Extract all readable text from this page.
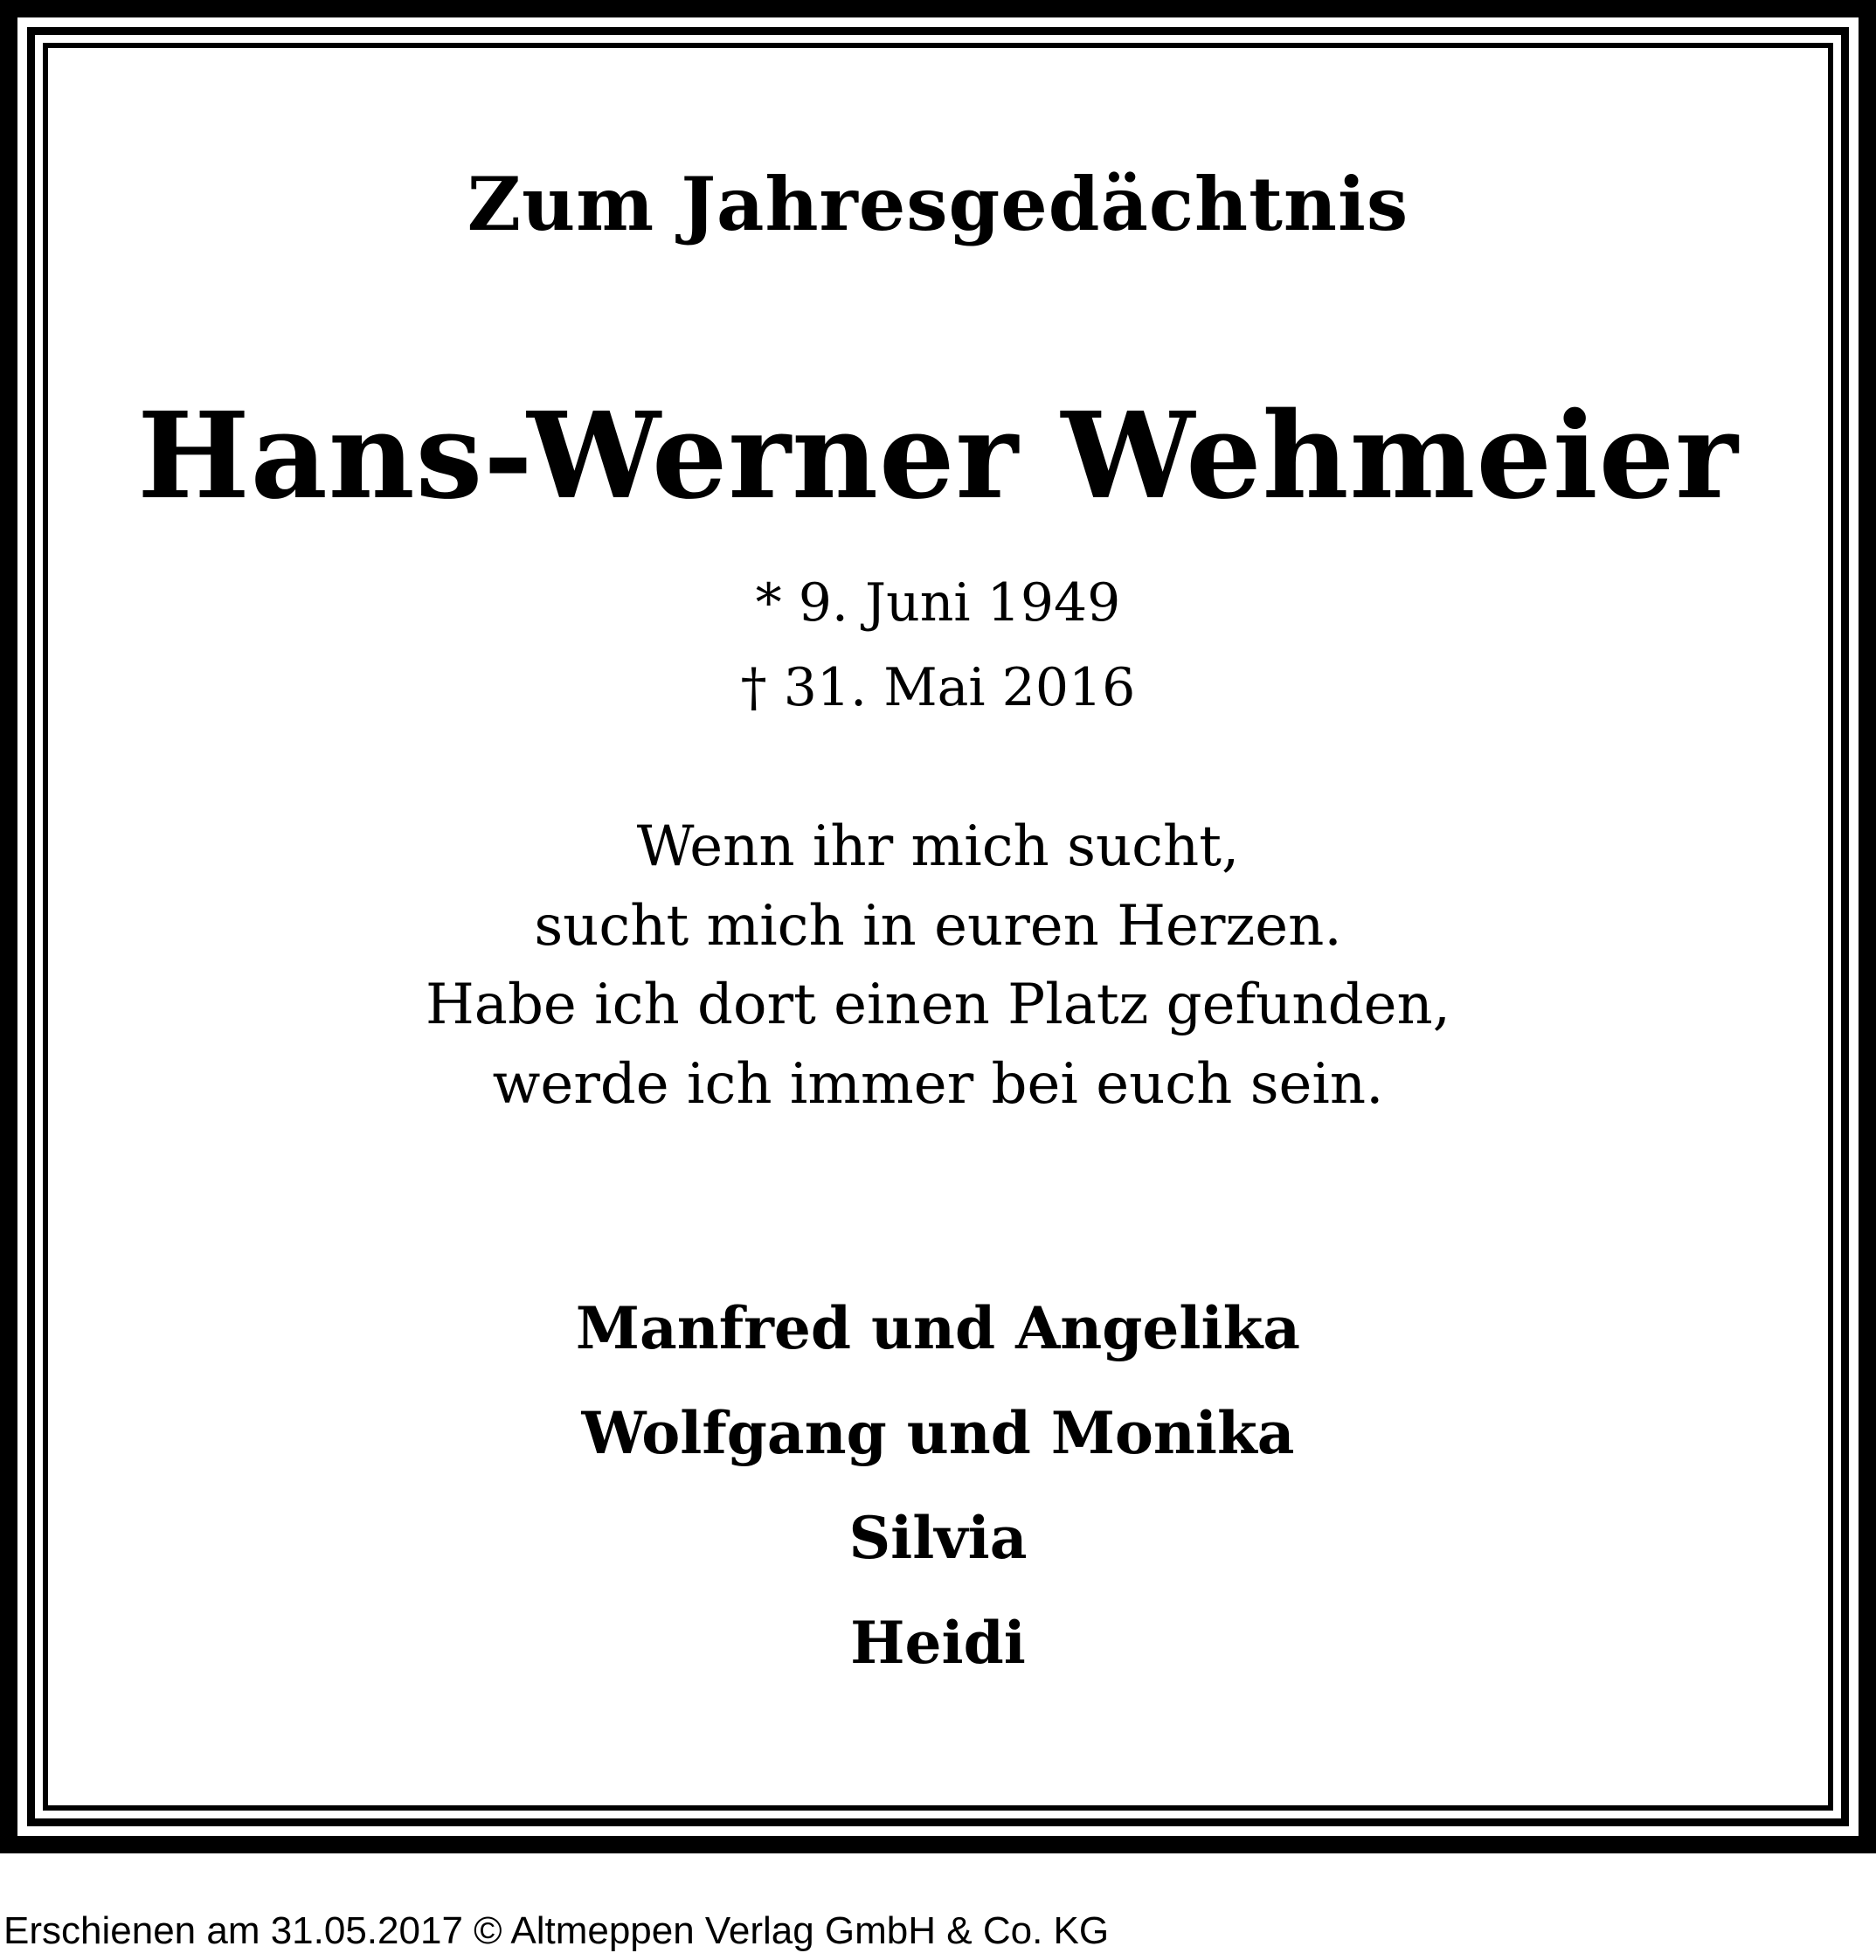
Zum Jahresgedächtnis
Hans-Werner Wehmeier
* 9. Juni 1949
† 31. Mai 2016
Wenn ihr mich sucht,
sucht mich in euren Herzen.
Habe ich dort einen Platz gefunden,
werde ich immer bei euch sein.
Manfred und Angelika
Wolfgang und Monika
Silvia
Heidi
Erschienen am 31.05.2017 © Altmeppen Verlag GmbH & Co. KG
